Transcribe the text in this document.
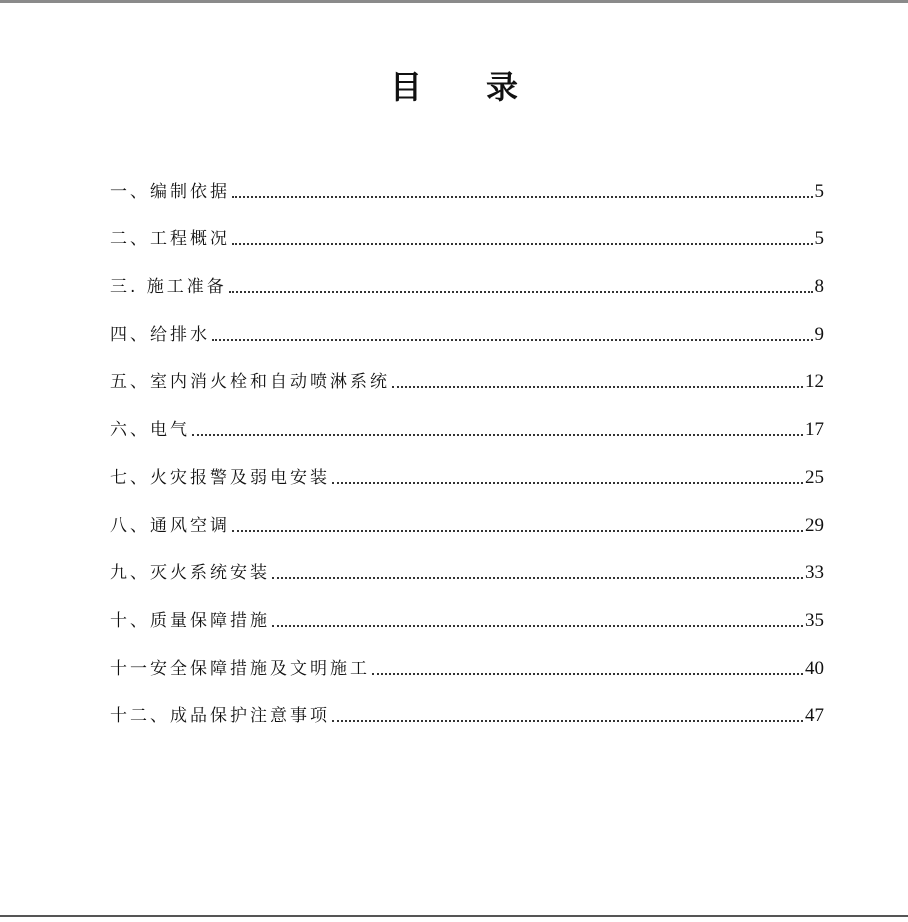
目 录
一、编制依据	5
二、工程概况	5
三. 施工准备	8
四、给排水	9
五、室内消火栓和自动喷淋系统	12
六、电气	17
七、火灾报警及弱电安装	25
八、通风空调	29
九、灭火系统安装	33
十、质量保障措施	35
十一安全保障措施及文明施工	40
十二、成品保护注意事项	47
